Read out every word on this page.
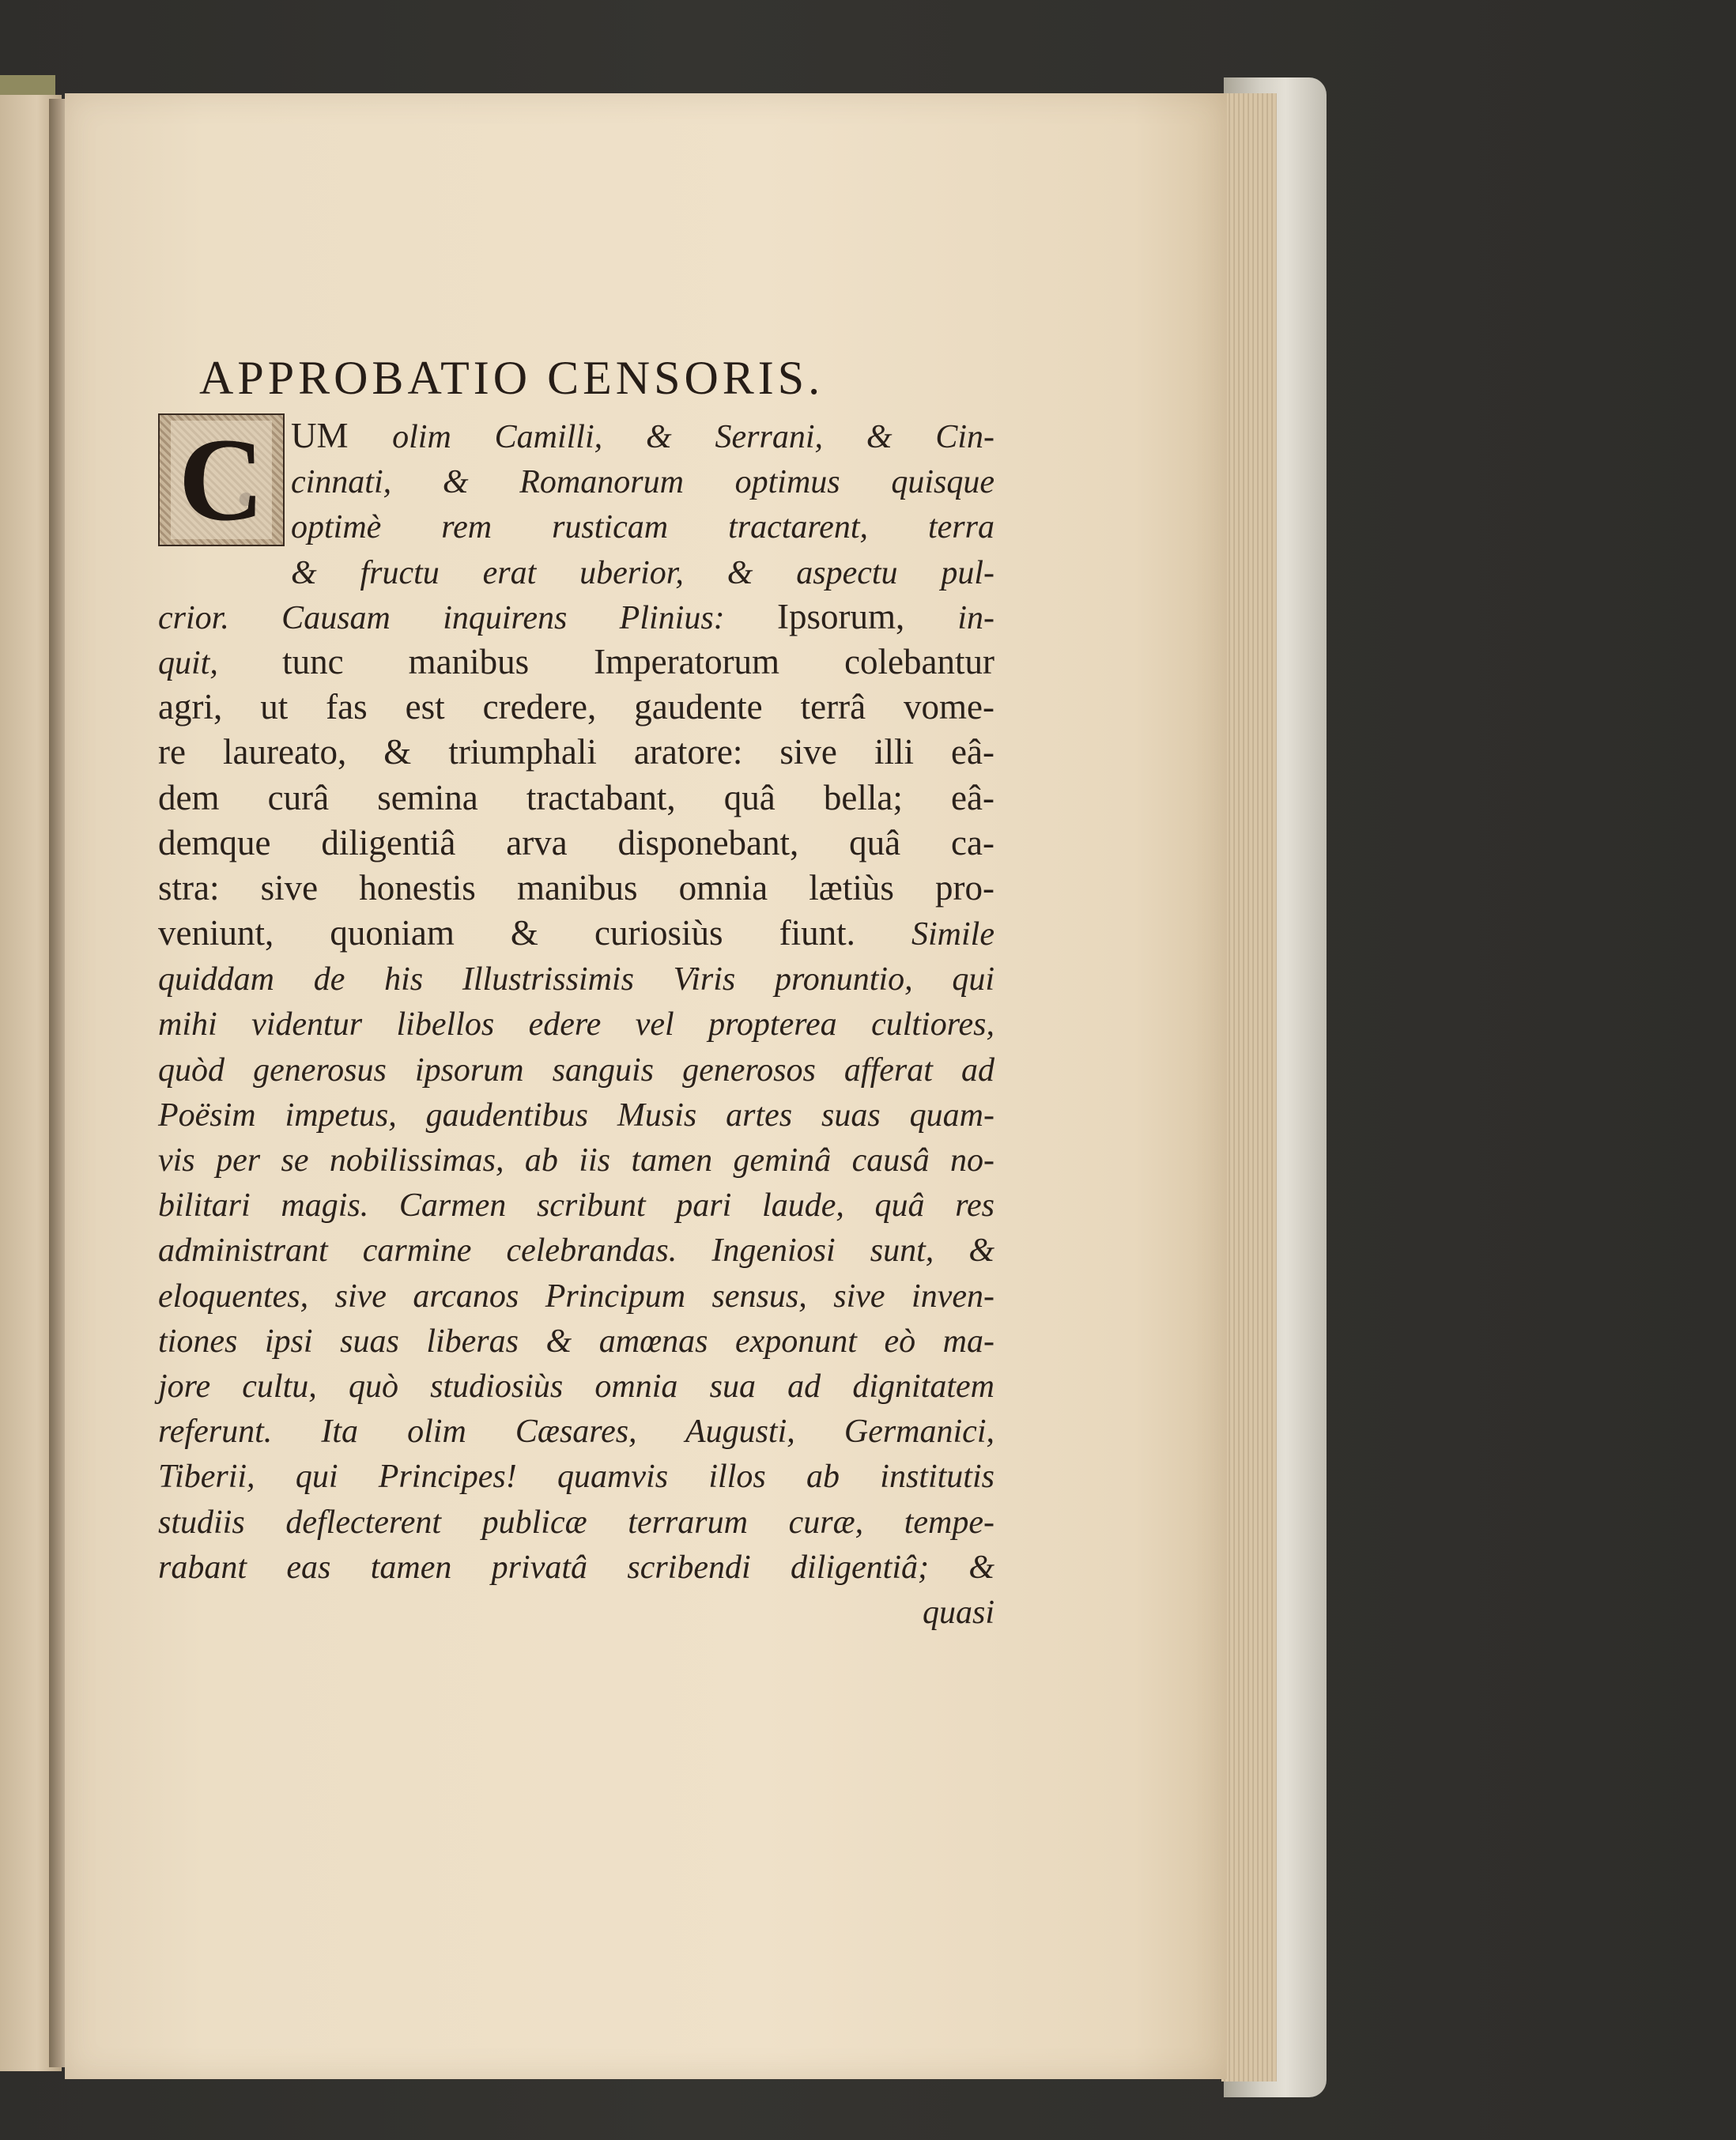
APPROBATIO CENSORIS.
C UM olim Camilli, & Serrani, & Cin-
cinnati, & Romanorum optimus quisque
optimè rem rusticam tractarent, terra
& fructu erat uberior, & aspectu pul-
crior. Causam inquirens Plinius: Ipsorum, in-
quit, tunc manibus Imperatorum colebantur
agri, ut fas est credere, gaudente terrâ vome-
re laureato, & triumphali aratore: sive illi eâ-
dem curâ semina tractabant, quâ bella; eâ-
demque diligentiâ arva disponebant, quâ ca-
stra: sive honestis manibus omnia lætiùs pro-
veniunt, quoniam & curiosiùs fiunt. Simile
quiddam de his Illustrissimis Viris pronuntio, qui
mihi videntur libellos edere vel propterea cultiores,
quòd generosus ipsorum sanguis generosos afferat ad
Poësim impetus, gaudentibus Musis artes suas quam-
vis per se nobilissimas, ab iis tamen geminâ causâ no-
bilitari magis. Carmen scribunt pari laude, quâ res
administrant carmine celebrandas. Ingeniosi sunt, &
eloquentes, sive arcanos Principum sensus, sive inven-
tiones ipsi suas liberas & amœnas exponunt eò ma-
jore cultu, quò studiosiùs omnia sua ad dignitatem
referunt. Ita olim Cæsares, Augusti, Germanici,
Tiberii, qui Principes! quamvis illos ab institutis
studiis deflecterent publicæ terrarum curæ, tempe-
rabant eas tamen privatâ scribendi diligentiâ; &
quasi
